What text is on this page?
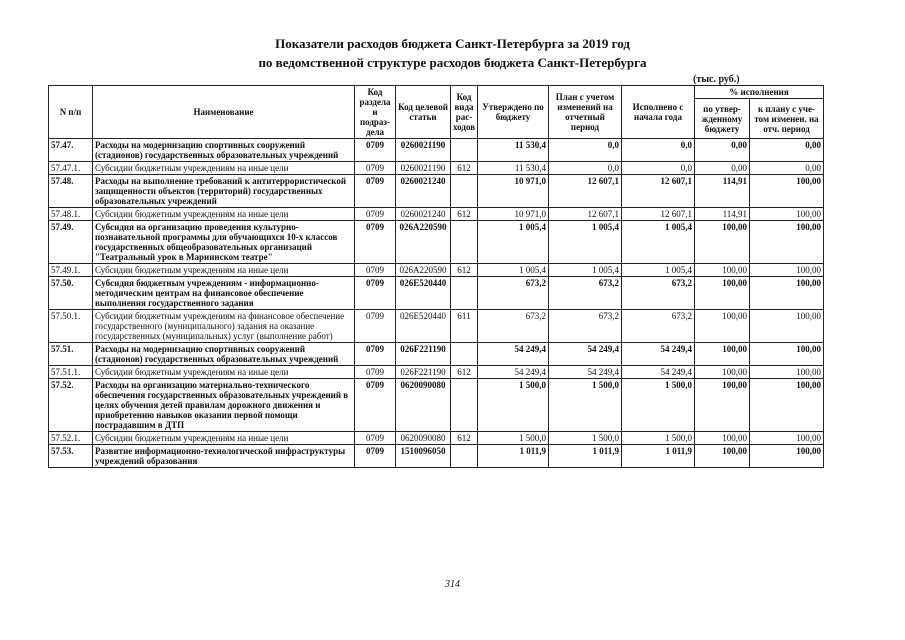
Показатели расходов бюджета Санкт-Петербурга за 2019 год
по ведомственной структуре расходов бюджета Санкт-Петербурга
(тыс. руб.)
N п/п	Наименование	Код раздела и подраз-дела	Код целевой статьи	Код вида рас-ходов	Утверждено по бюджету	План с учетом изменений на отчетный период	Исполнено с начала года	% исполнения	
								по утвер-жденному бюджету	к плану с уче-том изменен. на отч. период
57.47.	Расходы на модернизацию спортивных сооружений (стадионов) государственных образовательных учреждений	0709	0260021190		11 530,4	0,0	0,0	0,00	0,00
57.47.1.	Субсидии бюджетным учреждениям на иные цели	0709	0260021190	612	11 530,4	0,0	0,0	0,00	0,00
57.48.	Расходы на выполнение требований к антитеррористической защищенности объектов (территорий) государственных образовательных учреждений	0709	0260021240		10 971,0	12 607,1	12 607,1	114,91	100,00
57.48.1.	Субсидии бюджетным учреждениям на иные цели	0709	0260021240	612	10 971,0	12 607,1	12 607,1	114,91	100,00
57.49.	Субсидия на организацию проведения культурно-познавательной программы для обучающихся 10-х классов государственных общеобразовательных организаций "Театральный урок в Мариинском театре"	0709	026A220590		1 005,4	1 005,4	1 005,4	100,00	100,00
57.49.1.	Субсидии бюджетным учреждениям на иные цели	0709	026A220590	612	1 005,4	1 005,4	1 005,4	100,00	100,00
57.50.	Субсидия бюджетным учреждениям - информационно-методическим центрам на финансовое обеспечение выполнения государственного задания	0709	026E520440		673,2	673,2	673,2	100,00	100,00
57.50.1.	Субсидии бюджетным учреждениям на финансовое обеспечение государственного (муниципального) задания на оказание государственных (муниципальных) услуг (выполнение работ)	0709	026E520440	611	673,2	673,2	673,2	100,00	100,00
57.51.	Расходы на модернизацию спортивных сооружений (стадионов) государственных образовательных учреждений	0709	026F221190		54 249,4	54 249,4	54 249,4	100,00	100,00
57.51.1.	Субсидии бюджетным учреждениям на иные цели	0709	026F221190	612	54 249,4	54 249,4	54 249,4	100,00	100,00
57.52.	Расходы на организацию материально-технического обеспечения государственных образовательных учреждений в целях обучения детей правилам дорожного движения и приобретению навыков оказания первой помощи пострадавшим в ДТП	0709	0620090080		1 500,0	1 500,0	1 500,0	100,00	100,00
57.52.1.	Субсидии бюджетным учреждениям на иные цели	0709	0620090080	612	1 500,0	1 500,0	1 500,0	100,00	100,00
57.53.	Развитие информационно-технологической инфраструктуры учреждений образования	0709	1510096050		1 011,9	1 011,9	1 011,9	100,00	100,00
314
